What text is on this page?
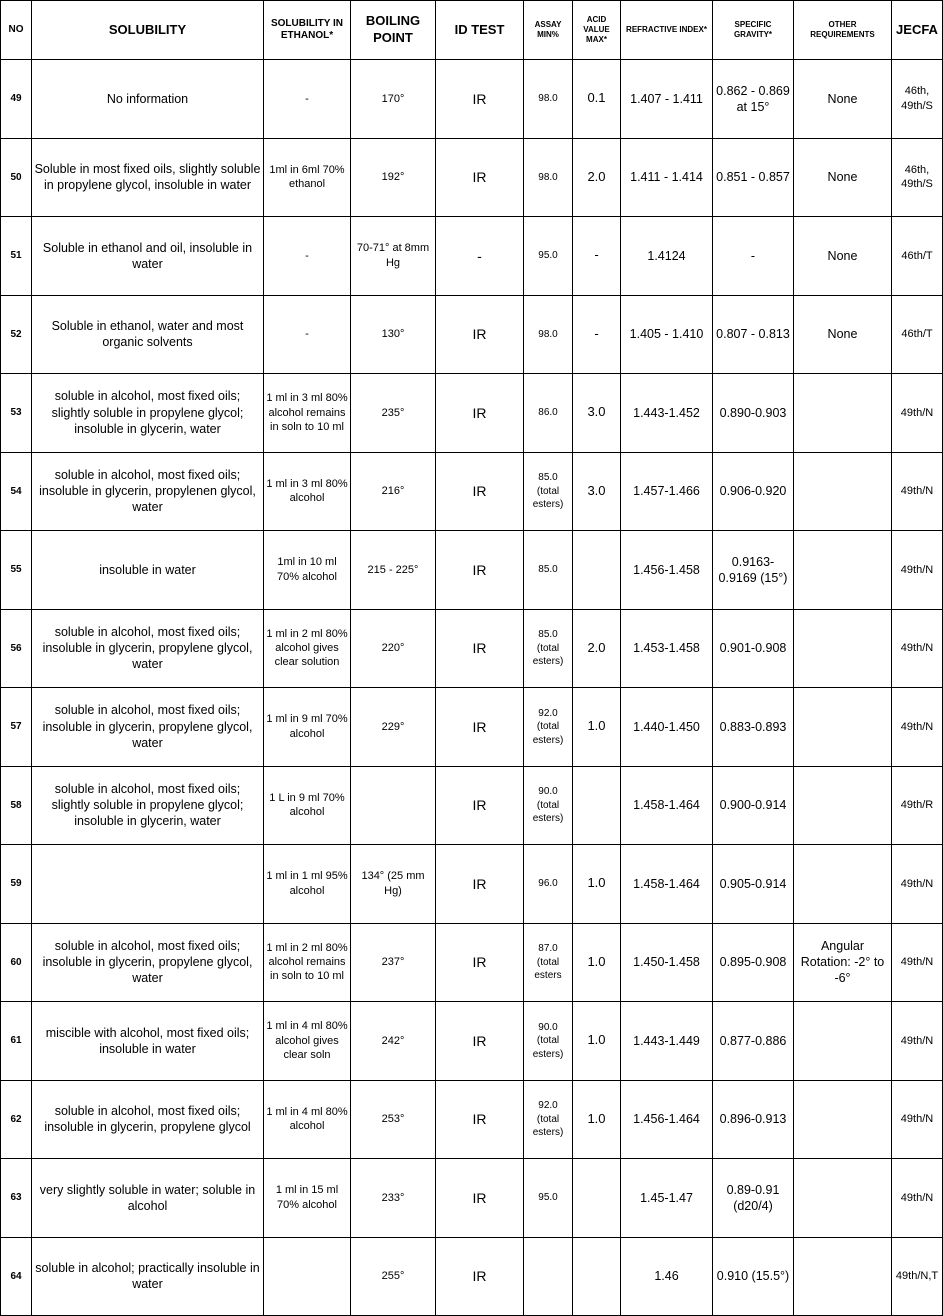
NO	SOLUBILITY	SOLUBILITY IN ETHANOL*	BOILING POINT	ID TEST	ASSAY MIN%	ACID VALUE MAX*	REFRACTIVE INDEX*	SPECIFIC GRAVITY*	OTHER REQUIREMENTS	JECFA
49	No information	-	170°	IR	98.0	0.1	1.407 - 1.411	0.862 - 0.869 at 15°	None	46th, 49th/S
50	Soluble in most fixed oils, slightly soluble in propylene glycol, insoluble in water	1ml in 6ml 70% ethanol	192°	IR	98.0	2.0	1.411 - 1.414	0.851 - 0.857	None	46th, 49th/S
51	Soluble in ethanol and oil, insoluble in water	-	70-71° at 8mm Hg	-	95.0	-	1.4124	-	None	46th/T
52	Soluble in ethanol, water and most organic solvents	-	130°	IR	98.0	-	1.405 - 1.410	0.807 - 0.813	None	46th/T
53	soluble in alcohol, most fixed oils; slightly soluble in propylene glycol; insoluble in glycerin, water	1 ml in 3 ml 80% alcohol remains in soln to 10 ml	235°	IR	86.0	3.0	1.443-1.452	0.890-0.903		49th/N
54	soluble in alcohol, most fixed oils; insoluble in glycerin, propylenen glycol, water	1 ml in 3 ml 80% alcohol	216°	IR	85.0 (total esters)	3.0	1.457-1.466	0.906-0.920		49th/N
55	insoluble in water	1ml in 10 ml 70% alcohol	215 - 225°	IR	85.0		1.456-1.458	0.9163-0.9169 (15°)		49th/N
56	soluble in alcohol, most fixed oils; insoluble in glycerin, propylene glycol, water	1 ml in 2 ml 80% alcohol gives clear solution	220°	IR	85.0 (total esters)	2.0	1.453-1.458	0.901-0.908		49th/N
57	soluble in alcohol, most fixed oils; insoluble in glycerin, propylene glycol, water	1 ml in 9 ml 70% alcohol	229°	IR	92.0 (total esters)	1.0	1.440-1.450	0.883-0.893		49th/N
58	soluble in alcohol, most fixed oils; slightly soluble in propylene glycol; insoluble in glycerin, water	1 L in 9 ml 70% alcohol		IR	90.0 (total esters)		1.458-1.464	0.900-0.914		49th/R
59		1 ml in 1 ml 95% alcohol	134° (25 mm Hg)	IR	96.0	1.0	1.458-1.464	0.905-0.914		49th/N
60	soluble in alcohol, most fixed oils; insoluble in glycerin, propylene glycol, water	1 ml in 2 ml 80% alcohol remains in soln to 10 ml	237°	IR	87.0 (total esters	1.0	1.450-1.458	0.895-0.908	Angular Rotation: -2° to -6°	49th/N
61	miscible with alcohol, most fixed oils; insoluble in water	1 ml in 4 ml 80% alcohol gives clear soln	242°	IR	90.0 (total esters)	1.0	1.443-1.449	0.877-0.886		49th/N
62	soluble in alcohol, most fixed oils; insoluble in glycerin, propylene glycol	1 ml in 4 ml 80% alcohol	253°	IR	92.0 (total esters)	1.0	1.456-1.464	0.896-0.913		49th/N
63	very slightly soluble in water; soluble in alcohol	1 ml in 15 ml 70% alcohol	233°	IR	95.0		1.45-1.47	0.89-0.91 (d20/4)		49th/N
64	soluble in alcohol; practically insoluble in water		255°	IR			1.46	0.910 (15.5°)		49th/N,T
